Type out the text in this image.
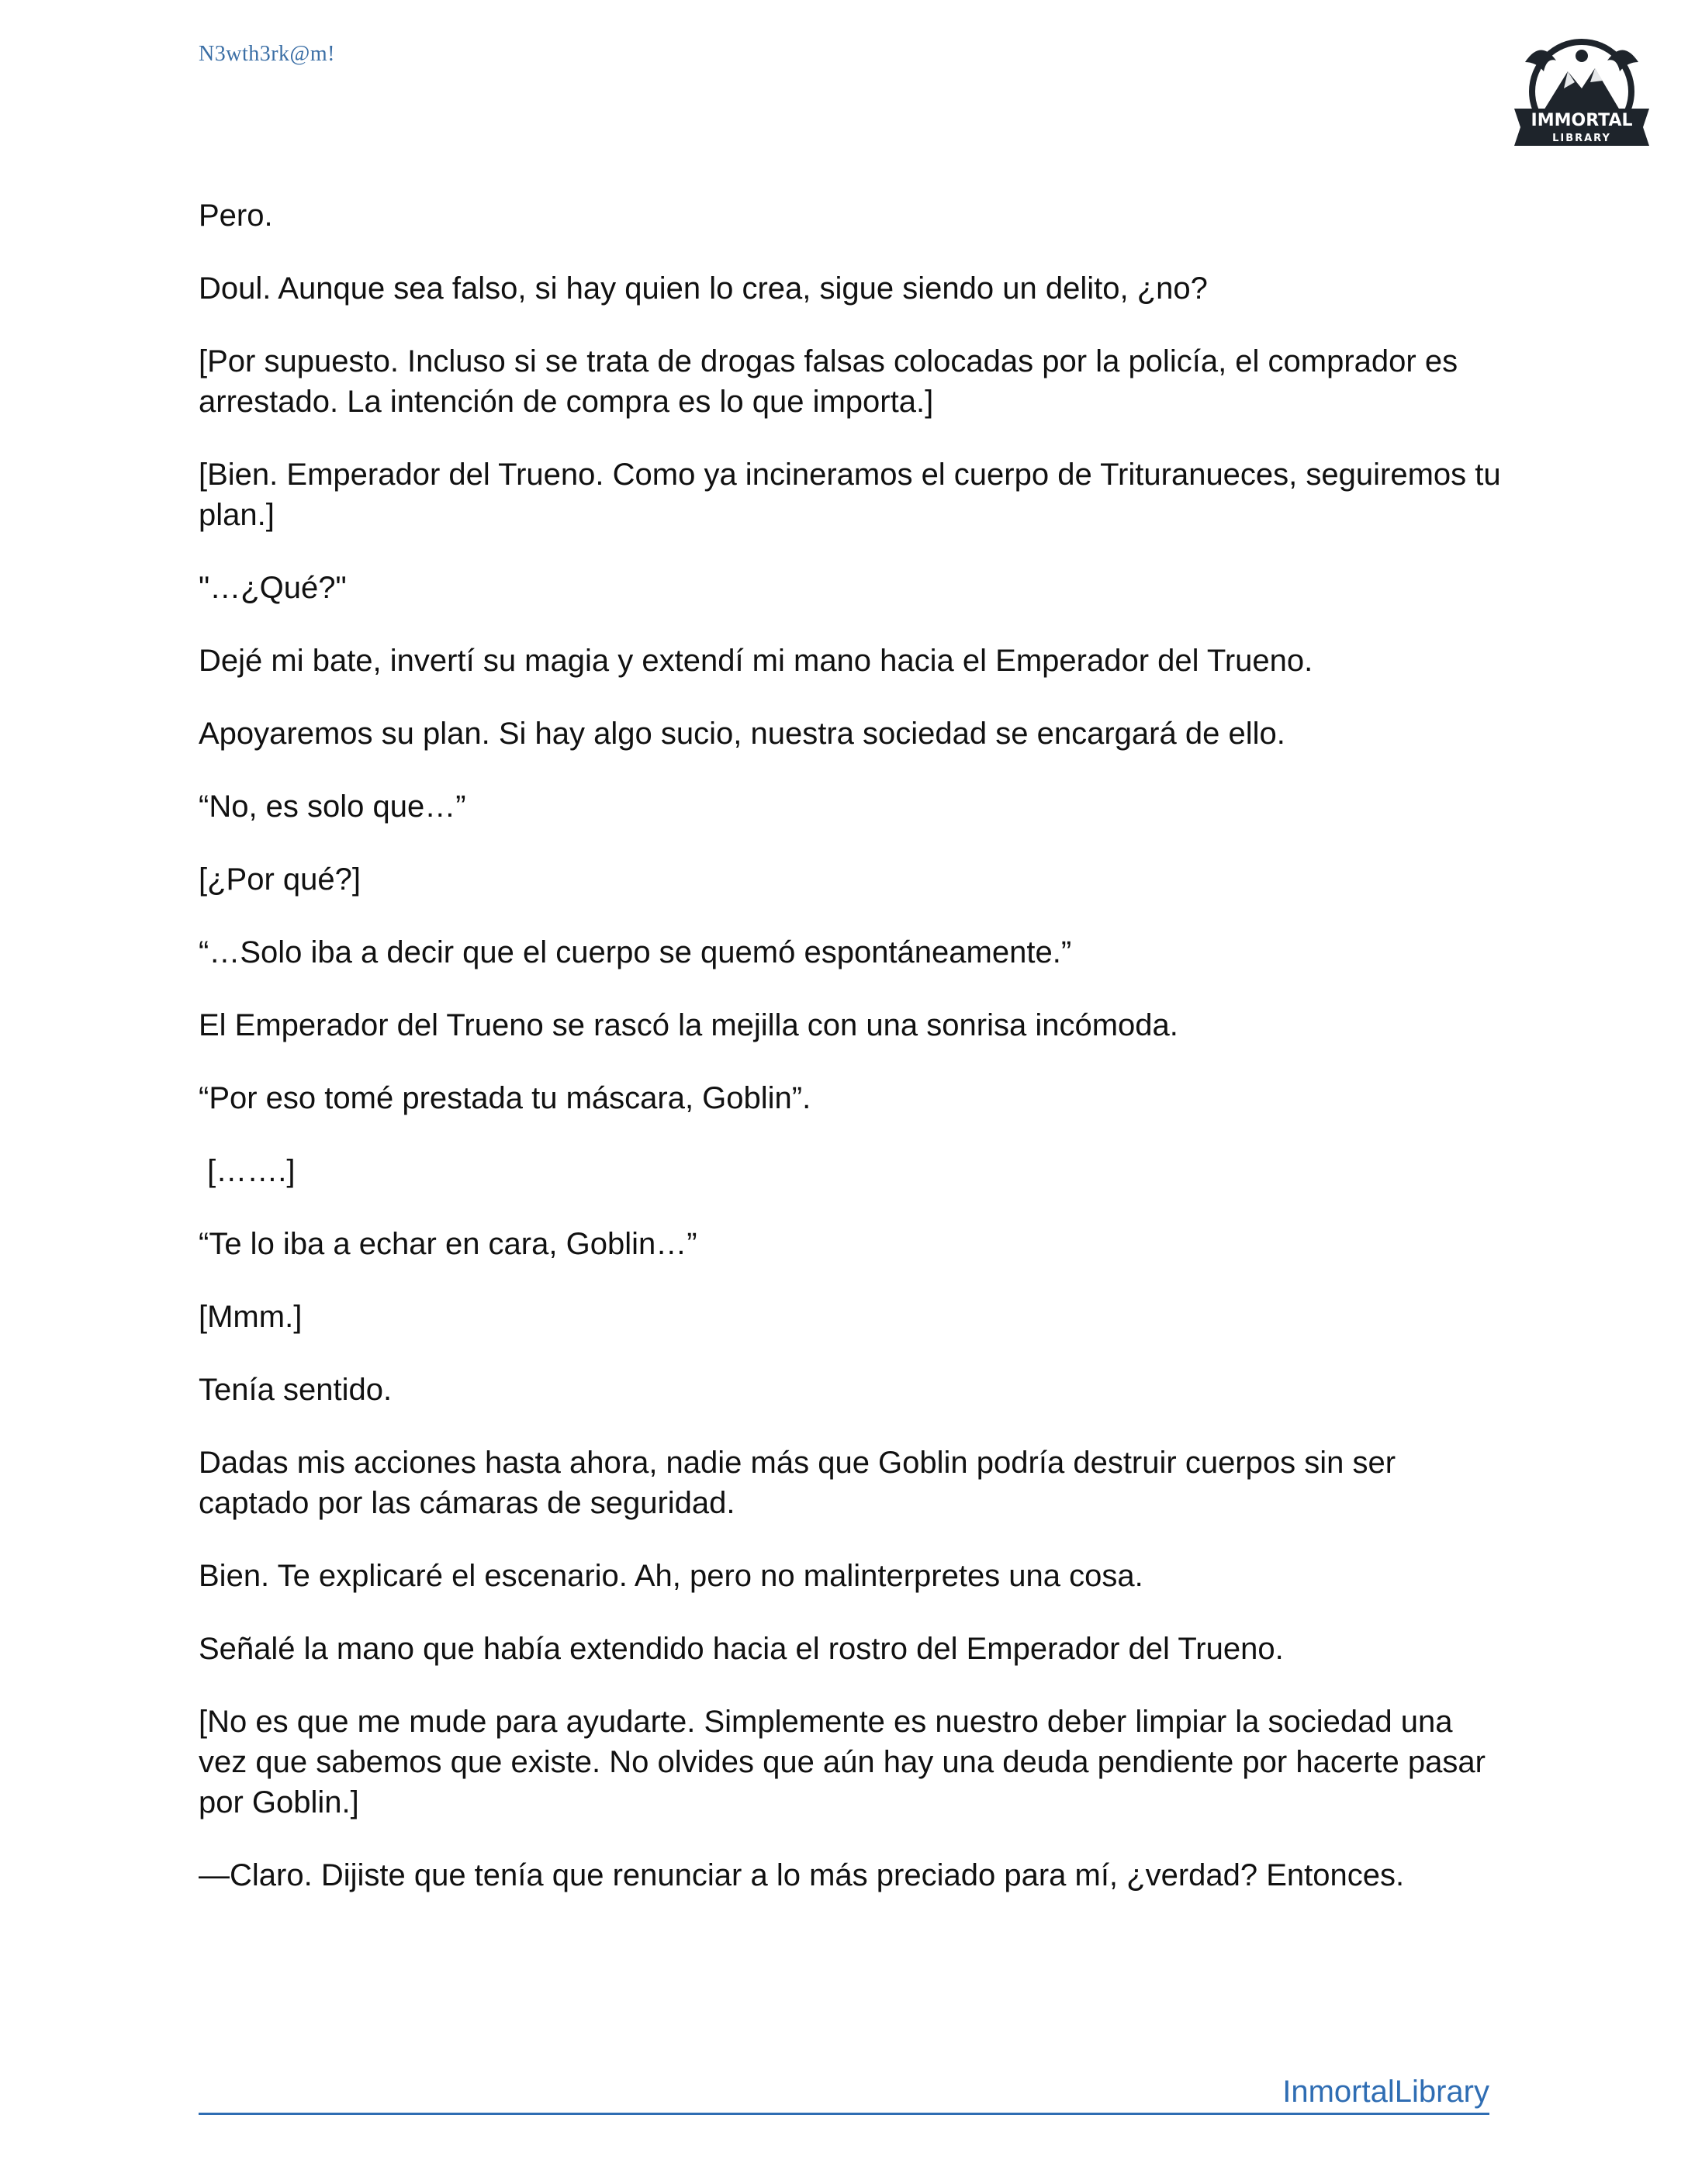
N3wth3rk@m!
IMMORTAL
LIBRARY

Pero.

Doul. Aunque sea falso, si hay quien lo crea, sigue siendo un delito, ¿no?

[Por supuesto. Incluso si se trata de drogas falsas colocadas por la policía, el comprador es arrestado. La intención de compra es lo que importa.]

[Bien. Emperador del Trueno. Como ya incineramos el cuerpo de Trituranueces, seguiremos tu plan.]

"…¿Qué?"

Dejé mi bate, invertí su magia y extendí mi mano hacia el Emperador del Trueno.

Apoyaremos su plan. Si hay algo sucio, nuestra sociedad se encargará de ello.

“No, es solo que…”

[¿Por qué?]

“…Solo iba a decir que el cuerpo se quemó espontáneamente.”

El Emperador del Trueno se rascó la mejilla con una sonrisa incómoda.

“Por eso tomé prestada tu máscara, Goblin”.

[…….]

“Te lo iba a echar en cara, Goblin…”

[Mmm.]

Tenía sentido.

Dadas mis acciones hasta ahora, nadie más que Goblin podría destruir cuerpos sin ser captado por las cámaras de seguridad.

Bien. Te explicaré el escenario. Ah, pero no malinterpretes una cosa.

Señalé la mano que había extendido hacia el rostro del Emperador del Trueno.

[No es que me mude para ayudarte. Simplemente es nuestro deber limpiar la sociedad una vez que sabemos que existe. No olvides que aún hay una deuda pendiente por hacerte pasar por Goblin.]

—Claro. Dijiste que tenía que renunciar a lo más preciado para mí, ¿verdad? Entonces.

InmortalLibrary
